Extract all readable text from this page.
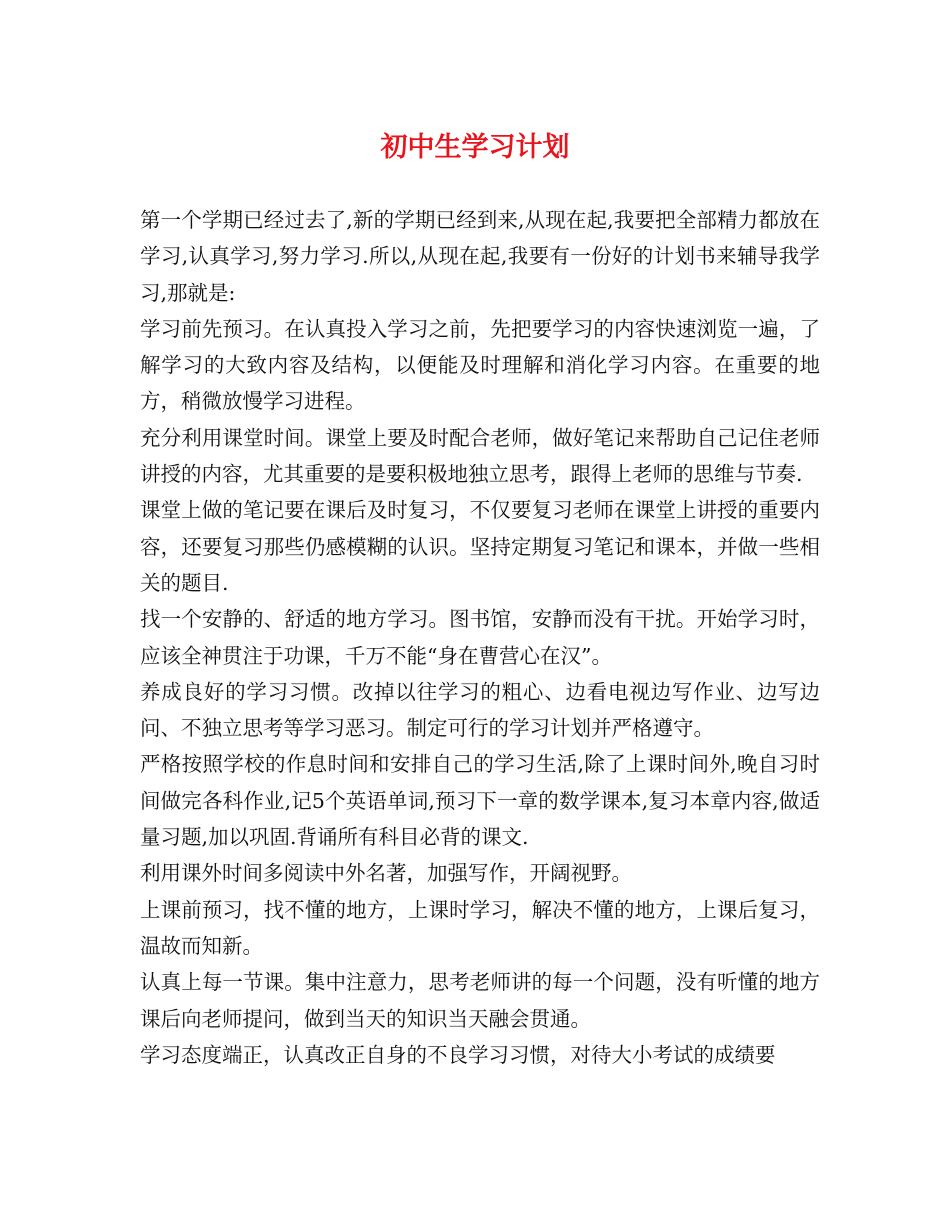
初中生学习计划

第一个学期已经过去了,新的学期已经到来,从现在起,我要把全部精力都放在学习,认真学习,努力学习.所以,从现在起,我要有一份好的计划书来辅导我学习,那就是:

学习前先预习。在认真投入学习之前，先把要学习的内容快速浏览一遍，了解学习的大致内容及结构，以便能及时理解和消化学习内容。在重要的地方，稍微放慢学习进程。

充分利用课堂时间。课堂上要及时配合老师，做好笔记来帮助自己记住老师讲授的内容，尤其重要的是要积极地独立思考，跟得上老师的思维与节奏.

课堂上做的笔记要在课后及时复习，不仅要复习老师在课堂上讲授的重要内容，还要复习那些仍感模糊的认识。坚持定期复习笔记和课本，并做一些相关的题目.

找一个安静的、舒适的地方学习。图书馆，安静而没有干扰。开始学习时，应该全神贯注于功课，千万不能“身在曹营心在汉”。

养成良好的学习习惯。改掉以往学习的粗心、边看电视边写作业、边写边问、不独立思考等学习恶习。制定可行的学习计划并严格遵守。

严格按照学校的作息时间和安排自己的学习生活,除了上课时间外,晚自习时间做完各科作业,记5个英语单词,预习下一章的数学课本,复习本章内容,做适量习题,加以巩固.背诵所有科目必背的课文.

利用课外时间多阅读中外名著，加强写作，开阔视野。

上课前预习，找不懂的地方，上课时学习，解决不懂的地方，上课后复习，温故而知新。

认真上每一节课。集中注意力，思考老师讲的每一个问题，没有听懂的地方课后向老师提问，做到当天的知识当天融会贯通。

学习态度端正，认真改正自身的不良学习习惯，对待大小考试的成绩要
